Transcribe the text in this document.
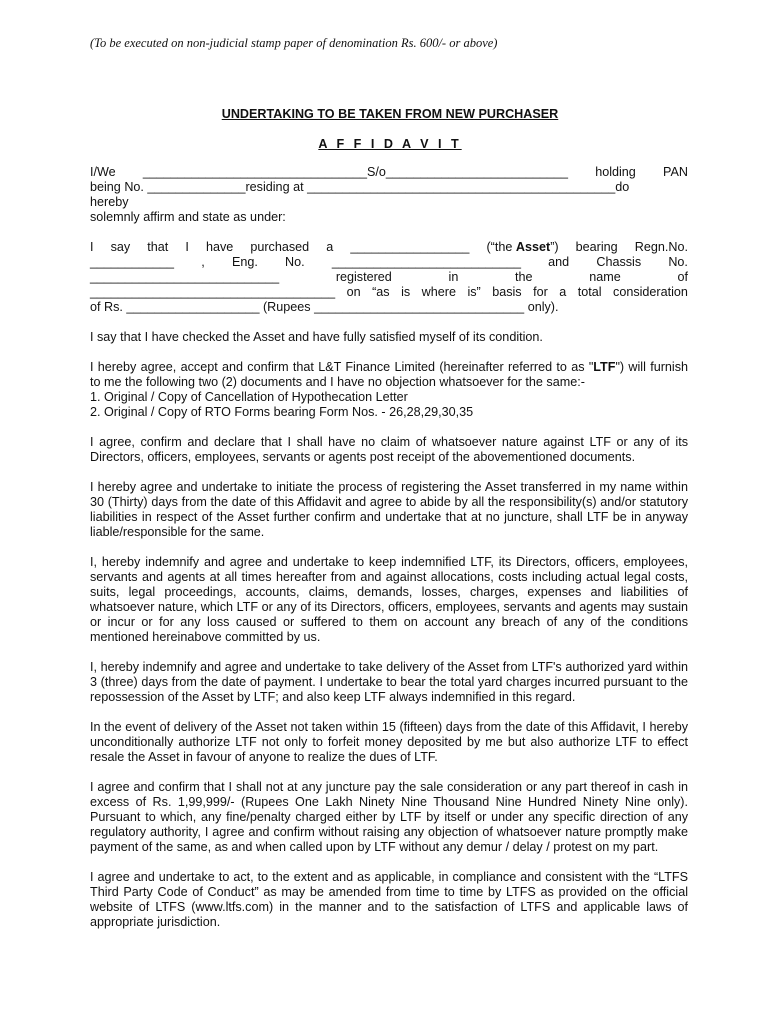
(To be executed on non-judicial stamp paper of denomination Rs. 600/- or above)
UNDERTAKING TO BE TAKEN FROM NEW PURCHASER
A F F I D A V I T
I/We ________________________________S/o__________________________ holding PAN
being No. ______________residing at ____________________________________________do
hereby
solemnly affirm and state as under:
I say that I have purchased a _________________ (“the Asset”) bearing Regn.No.
____________ , Eng. No. ___________________________ and Chassis No.
___________________________	registered	in	the	name	of
___________________________________ on “as is where is” basis for a total consideration
of Rs. ___________________ (Rupees ______________________________ only).

I say that I have checked the Asset and have fully satisfied myself of its condition.

I hereby agree, accept and confirm that L&T Finance Limited (hereinafter referred to as "LTF") will furnish to me the following two (2) documents and I have no objection whatsoever for the same:-

1. Original / Copy of Cancellation of Hypothecation Letter
2. Original / Copy of RTO Forms bearing Form Nos. - 26,28,29,30,35

I agree, confirm and declare that I shall have no claim of whatsoever nature against LTF or any of its Directors, officers, employees, servants or agents post receipt of the abovementioned documents.

I hereby agree and undertake to initiate the process of registering the Asset transferred in my name within 30 (Thirty) days from the date of this Affidavit and agree to abide by all the responsibility(s) and/or statutory liabilities in respect of the Asset further confirm and undertake that at no juncture, shall LTF be in anyway liable/responsible for the same.

I, hereby indemnify and agree and undertake to keep indemnified LTF, its Directors, officers, employees, servants and agents at all times hereafter from and against allocations, costs including actual legal costs, suits, legal proceedings, accounts, claims, demands, losses, charges, expenses and liabilities of whatsoever nature, which LTF or any of its Directors, officers, employees, servants and agents may sustain or incur or for any loss caused or suffered to them on account any breach of any of the conditions mentioned hereinabove committed by us.

I, hereby indemnify and agree and undertake to take delivery of the Asset from LTF's authorized yard within 3 (three) days from the date of payment. I undertake to bear the total yard charges incurred pursuant to the repossession of the Asset by LTF; and also keep LTF always indemnified in this regard.

In the event of delivery of the Asset not taken within 15 (fifteen) days from the date of this Affidavit, I hereby unconditionally authorize LTF not only to forfeit money deposited by me but also authorize LTF to effect resale the Asset in favour of anyone to realize the dues of LTF.

I agree and confirm that I shall not at any juncture pay the sale consideration or any part thereof in cash in excess of Rs. 1,99,999/- (Rupees One Lakh Ninety Nine Thousand Nine Hundred Ninety Nine only). Pursuant to which, any fine/penalty charged either by LTF by itself or under any specific direction of any regulatory authority, I agree and confirm without raising any objection of whatsoever nature promptly make payment of the same, as and when called upon by LTF without any demur / delay / protest on my part.

I agree and undertake to act, to the extent and as applicable, in compliance and consistent with the “LTFS Third Party Code of Conduct” as may be amended from time to time by LTFS as provided on the official website of LTFS (www.ltfs.com) in the manner and to the satisfaction of LTFS and applicable laws of appropriate jurisdiction.
